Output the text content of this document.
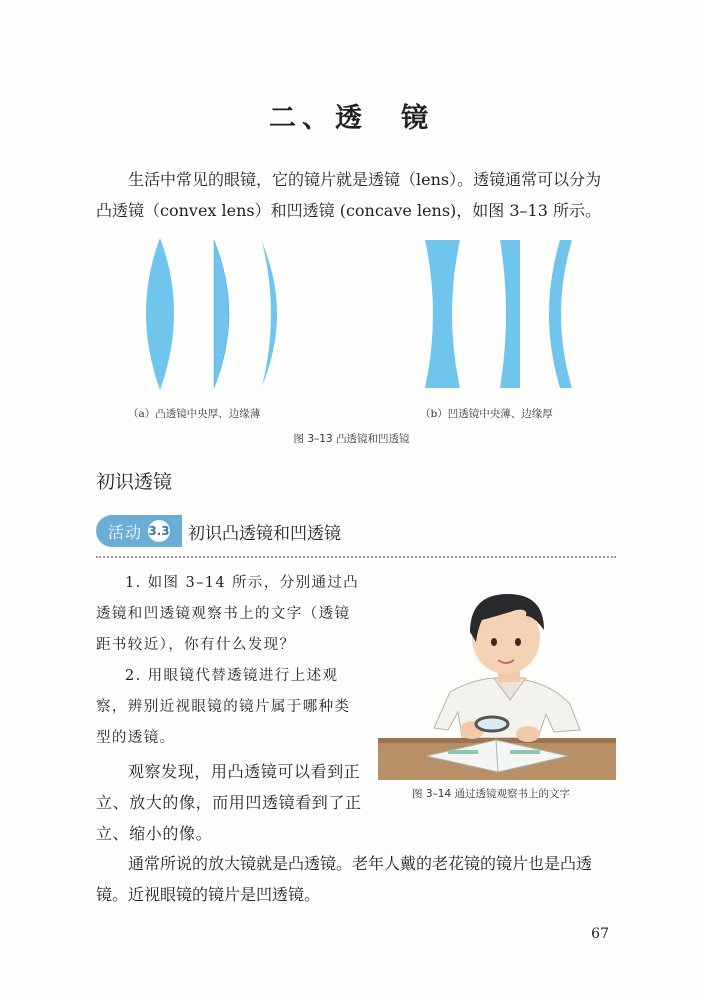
二、透　镜

生活中常见的眼镜，它的镜片就是透镜（lens）。透镜通常可以分为凸透镜（convex lens）和凹透镜 (concave lens)，如图 3–13 所示。

（a）凸透镜中央厚、边缘薄	（b）凹透镜中央薄、边缘厚
图 3–13 凸透镜和凹透镜
初识透镜
活动 3.3 初识凸透镜和凹透镜

1. 如图 3–14 所示，分别通过凸透镜和凹透镜观察书上的文字（透镜距书较近），你有什么发现？

2. 用眼镜代替透镜进行上述观察，辨别近视眼镜的镜片属于哪种类型的透镜。

图 3–14 通过透镜观察书上的文字

观察发现，用凸透镜可以看到正立、放大的像，而用凹透镜看到了正立、缩小的像。

通常所说的放大镜就是凸透镜。老年人戴的老花镜的镜片也是凸透镜。近视眼镜的镜片是凹透镜。

67
